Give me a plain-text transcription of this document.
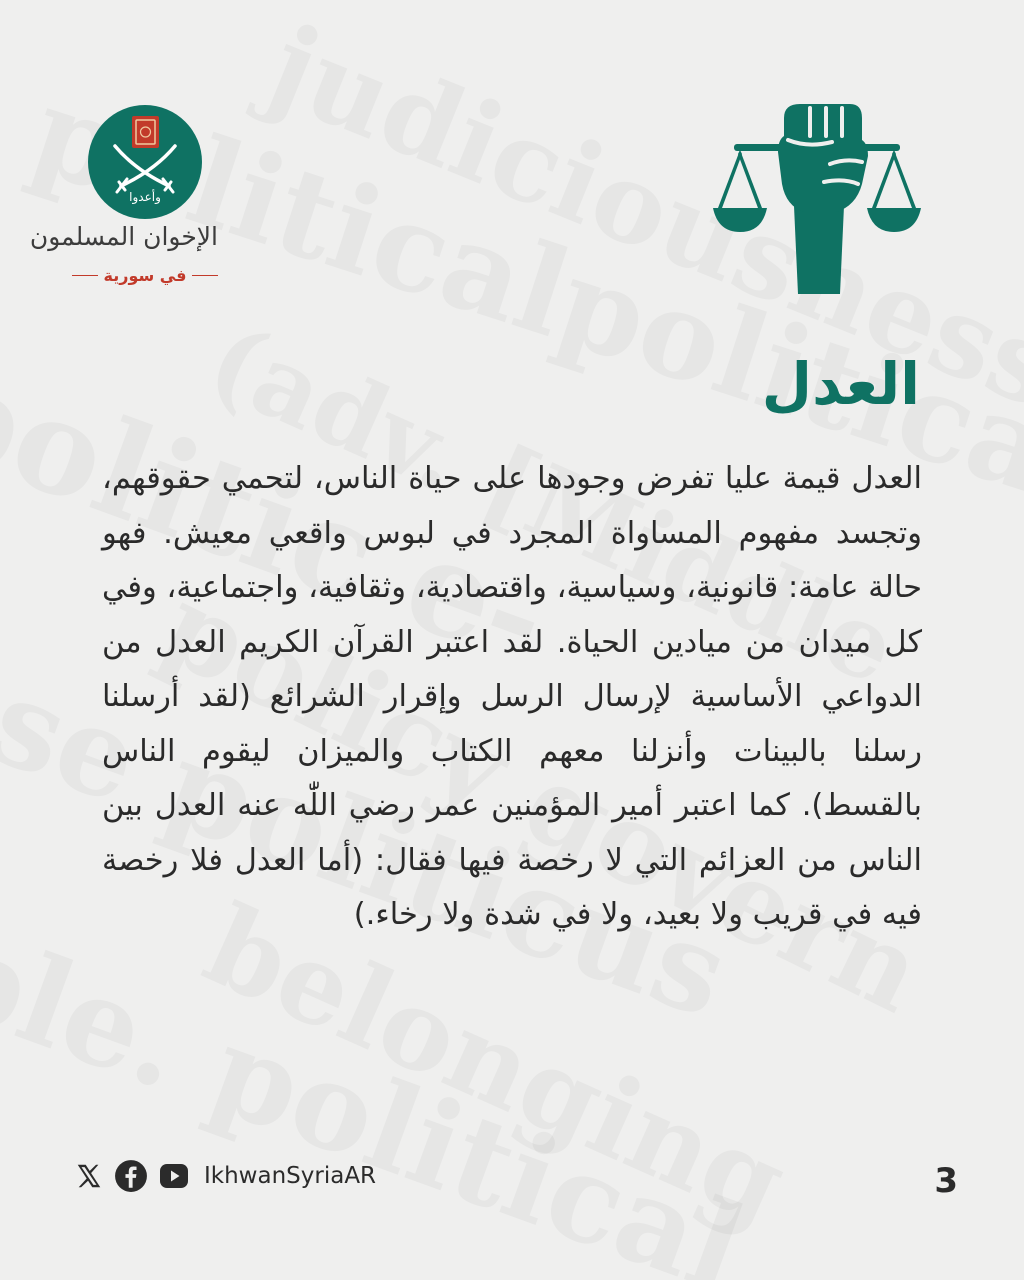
وأعدوا
الإخوان المسلمون
في سورية
العدل

العدل قيمة عليا تفرض وجودها على حياة الناس، لتحمي حقوقهم، وتجسد مفهوم المساواة المجرد في لبوس واقعي معيش. فهو حالة عامة: قانونية، وسياسية، واقتصادية، وثقافية، واجتماعية، وفي كل ميدان من ميادين الحياة. لقد اعتبر القرآن الكريم العدل من الدواعي الأساسية لإرسال الرسل وإقرار الشرائع (لقد أرسلنا رسلنا بالبينات وأنزلنا معهم الكتاب والميزان ليقوم الناس بالقسط). كما اعتبر أمير المؤمنين عمر رضي اللّٰه عنه العدل بين الناس من العزائم التي لا رخصة فيها فقال: (أما العدل فلا رخصة فيه في قريب ولا بعيد، ولا في شدة ولا رخاء.)

IkhwanSyriaAR	3
